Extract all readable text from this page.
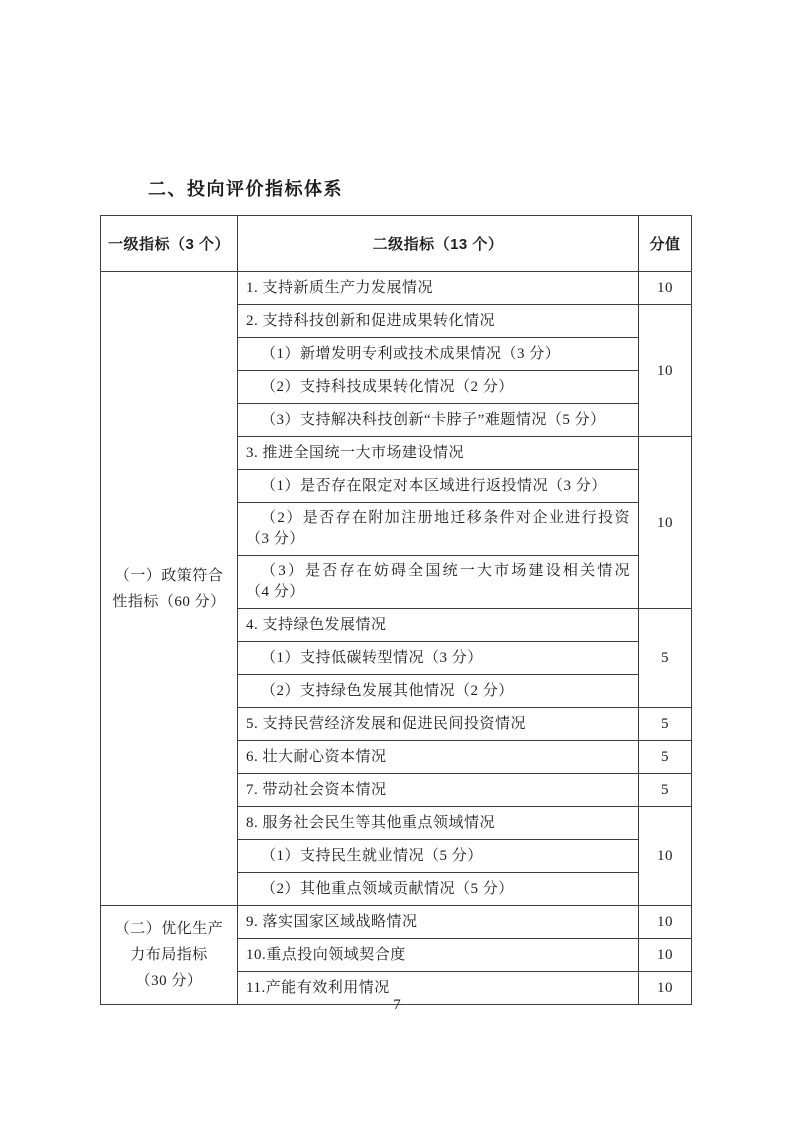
二、投向评价指标体系
一级指标（3 个）	二级指标（13 个）	分值

（一）政策符合
性指标（60 分）	1. 支持新质生产力发展情况	10
	2. 支持科技创新和促进成果转化情况	10
	（1）新增发明专利或技术成果情况（3 分）	
	（2）支持科技成果转化情况（2 分）	
	（3）支持解决科技创新“卡脖子”难题情况（5 分）	
	3. 推进全国统一大市场建设情况	10
	（1）是否存在限定对本区域进行返投情况（3 分）	

	（2）是否存在附加注册地迁移条件对企业进行投资
（3 分）	

	（3）是否存在妨碍全国统一大市场建设相关情况
（4 分）	

	4. 支持绿色发展情况	5
	（1）支持低碳转型情况（3 分）	
	（2）支持绿色发展其他情况（2 分）	
	5. 支持民营经济发展和促进民间投资情况	5
	6. 壮大耐心资本情况	5
	7. 带动社会资本情况	5
	8. 服务社会民生等其他重点领域情况	10
	（1）支持民生就业情况（5 分）	
	（2）其他重点领域贡献情况（5 分）	

（二）优化生产
力布局指标
（30 分）	9. 落实国家区域战略情况	10
	10.重点投向领域契合度	10
	11.产能有效利用情况	10
7
